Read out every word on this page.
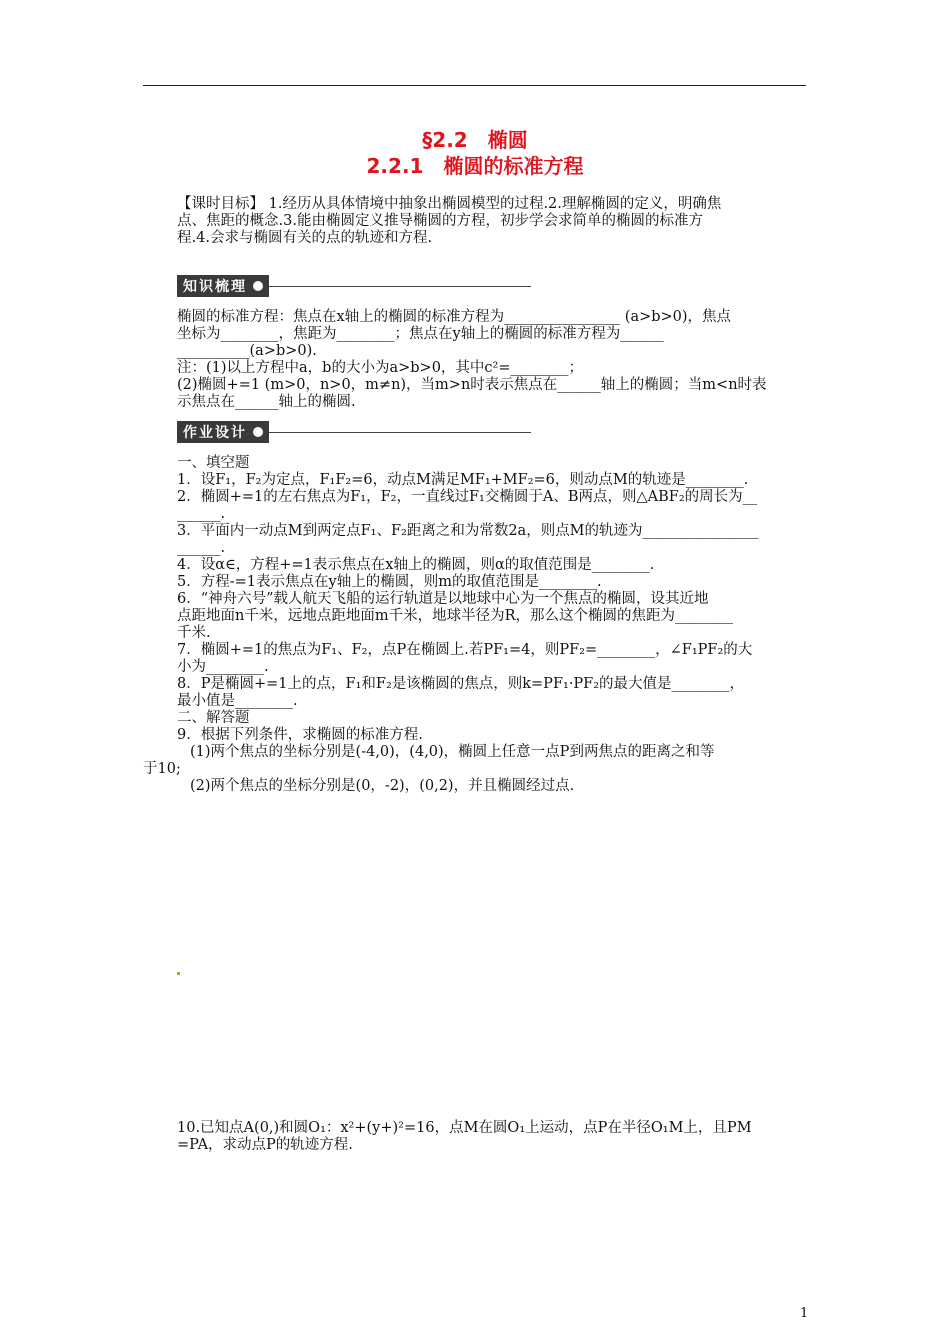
§2.2　椭圆
2.2.1　椭圆的标准方程
【课时目标】 1.经历从具体情境中抽象出椭圆模型的过程.2.理解椭圆的定义，明确焦
点、焦距的概念.3.能由椭圆定义推导椭圆的方程，初步学会求简单的椭圆的标准方
程.4.会求与椭圆有关的点的轨迹和方程.
知识梳理
椭圆的标准方程：焦点在x轴上的椭圆的标准方程为________________ (a>b>0)，焦点
坐标为________，焦距为________；焦点在y轴上的椭圆的标准方程为______
__________(a>b>0).
注：(1)以上方程中a，b的大小为a>b>0，其中c²=________；
(2)椭圆+=1 (m>0，n>0，m≠n)，当m>n时表示焦点在______轴上的椭圆；当m<n时表
示焦点在______轴上的椭圆.
作业设计
一、填空题
1．设F₁，F₂为定点，F₁F₂=6，动点M满足MF₁+MF₂=6，则动点M的轨迹是________.
2．椭圆+=1的左右焦点为F₁，F₂，一直线过F₁交椭圆于A、B两点，则△ABF₂的周长为__
______.
3．平面内一动点M到两定点F₁、F₂距离之和为常数2a，则点M的轨迹为________________
______.
4．设α∈，方程+=1表示焦点在x轴上的椭圆，则α的取值范围是________.
5．方程-=1表示焦点在y轴上的椭圆，则m的取值范围是________.
6．“神舟六号”载人航天飞船的运行轨道是以地球中心为一个焦点的椭圆，设其近地
点距地面n千米，远地点距地面m千米，地球半径为R，那么这个椭圆的焦距为________
千米.
7．椭圆+=1的焦点为F₁、F₂，点P在椭圆上.若PF₁=4，则PF₂=________，∠F₁PF₂的大
小为________.
8．P是椭圆+=1上的点，F₁和F₂是该椭圆的焦点，则k=PF₁·PF₂的最大值是________，
最小值是________.
二、解答题
9．根据下列条件，求椭圆的标准方程.
(1)两个焦点的坐标分别是(-4,0)，(4,0)，椭圆上任意一点P到两焦点的距离之和等
于10;
(2)两个焦点的坐标分别是(0，-2)，(0,2)，并且椭圆经过点.
10.已知点A(0,)和圆O₁：x²+(y+)²=16，点M在圆O₁上运动，点P在半径O₁M上，且PM
=PA，求动点P的轨迹方程.
1
